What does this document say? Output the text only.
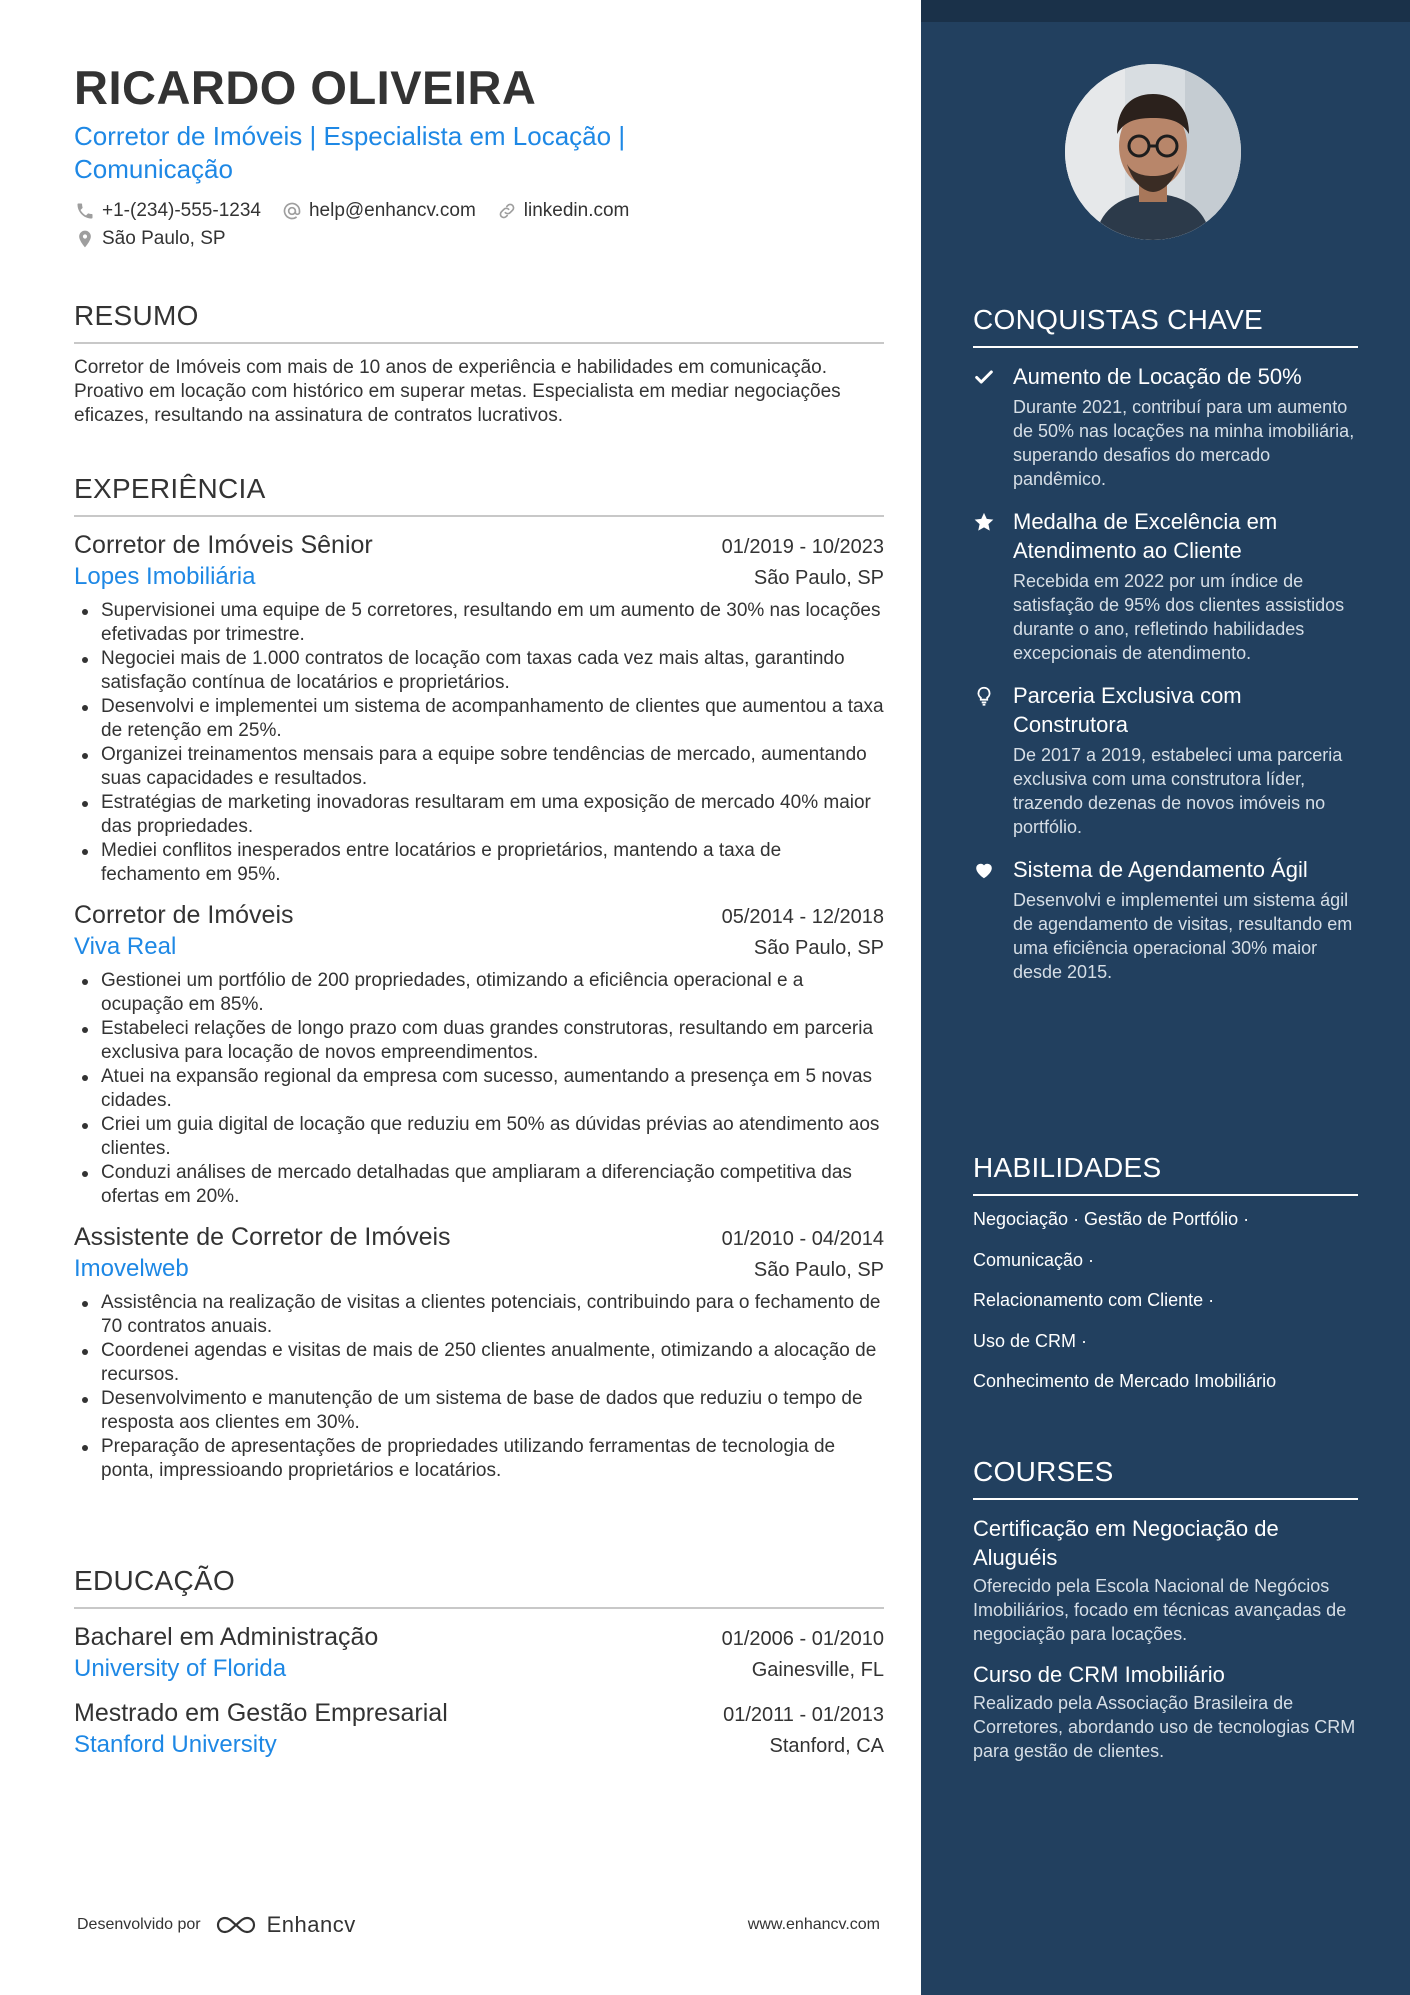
RICARDO OLIVEIRA
Corretor de Imóveis | Especialista em Locação |
Comunicação
+1-(234)-555-1234	help@enhancv.com	linkedin.com
São Paulo, SP
RESUMO

Corretor de Imóveis com mais de 10 anos de experiência e habilidades em comunicação. Proativo em locação com histórico em superar metas. Especialista em mediar negociações eficazes, resultando na assinatura de contratos lucrativos.

EXPERIÊNCIA
Corretor de Imóveis Sênior	01/2019 - 10/2023
Lopes Imobiliária	São Paulo, SP
Supervisionei uma equipe de 5 corretores, resultando em um aumento de 30% nas locações efetivadas por trimestre.
Negociei mais de 1.000 contratos de locação com taxas cada vez mais altas, garantindo satisfação contínua de locatários e proprietários.
Desenvolvi e implementei um sistema de acompanhamento de clientes que aumentou a taxa de retenção em 25%.
Organizei treinamentos mensais para a equipe sobre tendências de mercado, aumentando suas capacidades e resultados.
Estratégias de marketing inovadoras resultaram em uma exposição de mercado 40% maior das propriedades.
Mediei conflitos inesperados entre locatários e proprietários, mantendo a taxa de fechamento em 95%.
Corretor de Imóveis	05/2014 - 12/2018
Viva Real	São Paulo, SP
Gestionei um portfólio de 200 propriedades, otimizando a eficiência operacional e a ocupação em 85%.
Estabeleci relações de longo prazo com duas grandes construtoras, resultando em parceria exclusiva para locação de novos empreendimentos.
Atuei na expansão regional da empresa com sucesso, aumentando a presença em 5 novas cidades.
Criei um guia digital de locação que reduziu em 50% as dúvidas prévias ao atendimento aos clientes.
Conduzi análises de mercado detalhadas que ampliaram a diferenciação competitiva das ofertas em 20%.
Assistente de Corretor de Imóveis	01/2010 - 04/2014
Imovelweb	São Paulo, SP
Assistência na realização de visitas a clientes potenciais, contribuindo para o fechamento de 70 contratos anuais.
Coordenei agendas e visitas de mais de 250 clientes anualmente, otimizando a alocação de recursos.
Desenvolvimento e manutenção de um sistema de base de dados que reduziu o tempo de resposta aos clientes em 30%.
Preparação de apresentações de propriedades utilizando ferramentas de tecnologia de ponta, impressioando proprietários e locatários.
EDUCAÇÃO
Bacharel em Administração	01/2006 - 01/2010
University of Florida	Gainesville, FL
Mestrado em Gestão Empresarial	01/2011 - 01/2013
Stanford University	Stanford, CA
Desenvolvido por	Enhancv	www.enhancv.com
CONQUISTAS CHAVE
Aumento de Locação de 50%
Durante 2021, contribuí para um aumento de 50% nas locações na minha imobiliária, superando desafios do mercado pandêmico.
Medalha de Excelência em Atendimento ao Cliente
Recebida em 2022 por um índice de satisfação de 95% dos clientes assistidos durante o ano, refletindo habilidades excepcionais de atendimento.
Parceria Exclusiva com Construtora
De 2017 a 2019, estabeleci uma parceria exclusiva com uma construtora líder, trazendo dezenas de novos imóveis no portfólio.
Sistema de Agendamento Ágil
Desenvolvi e implementei um sistema ágil de agendamento de visitas, resultando em uma eficiência operacional 30% maior desde 2015.
HABILIDADES
Negociação · Gestão de Portfólio ·
Comunicação ·
Relacionamento com Cliente ·
Uso de CRM ·
Conhecimento de Mercado Imobiliário
COURSES
Certificação em Negociação de Aluguéis
Oferecido pela Escola Nacional de Negócios Imobiliários, focado em técnicas avançadas de negociação para locações.
Curso de CRM Imobiliário
Realizado pela Associação Brasileira de Corretores, abordando uso de tecnologias CRM para gestão de clientes.
